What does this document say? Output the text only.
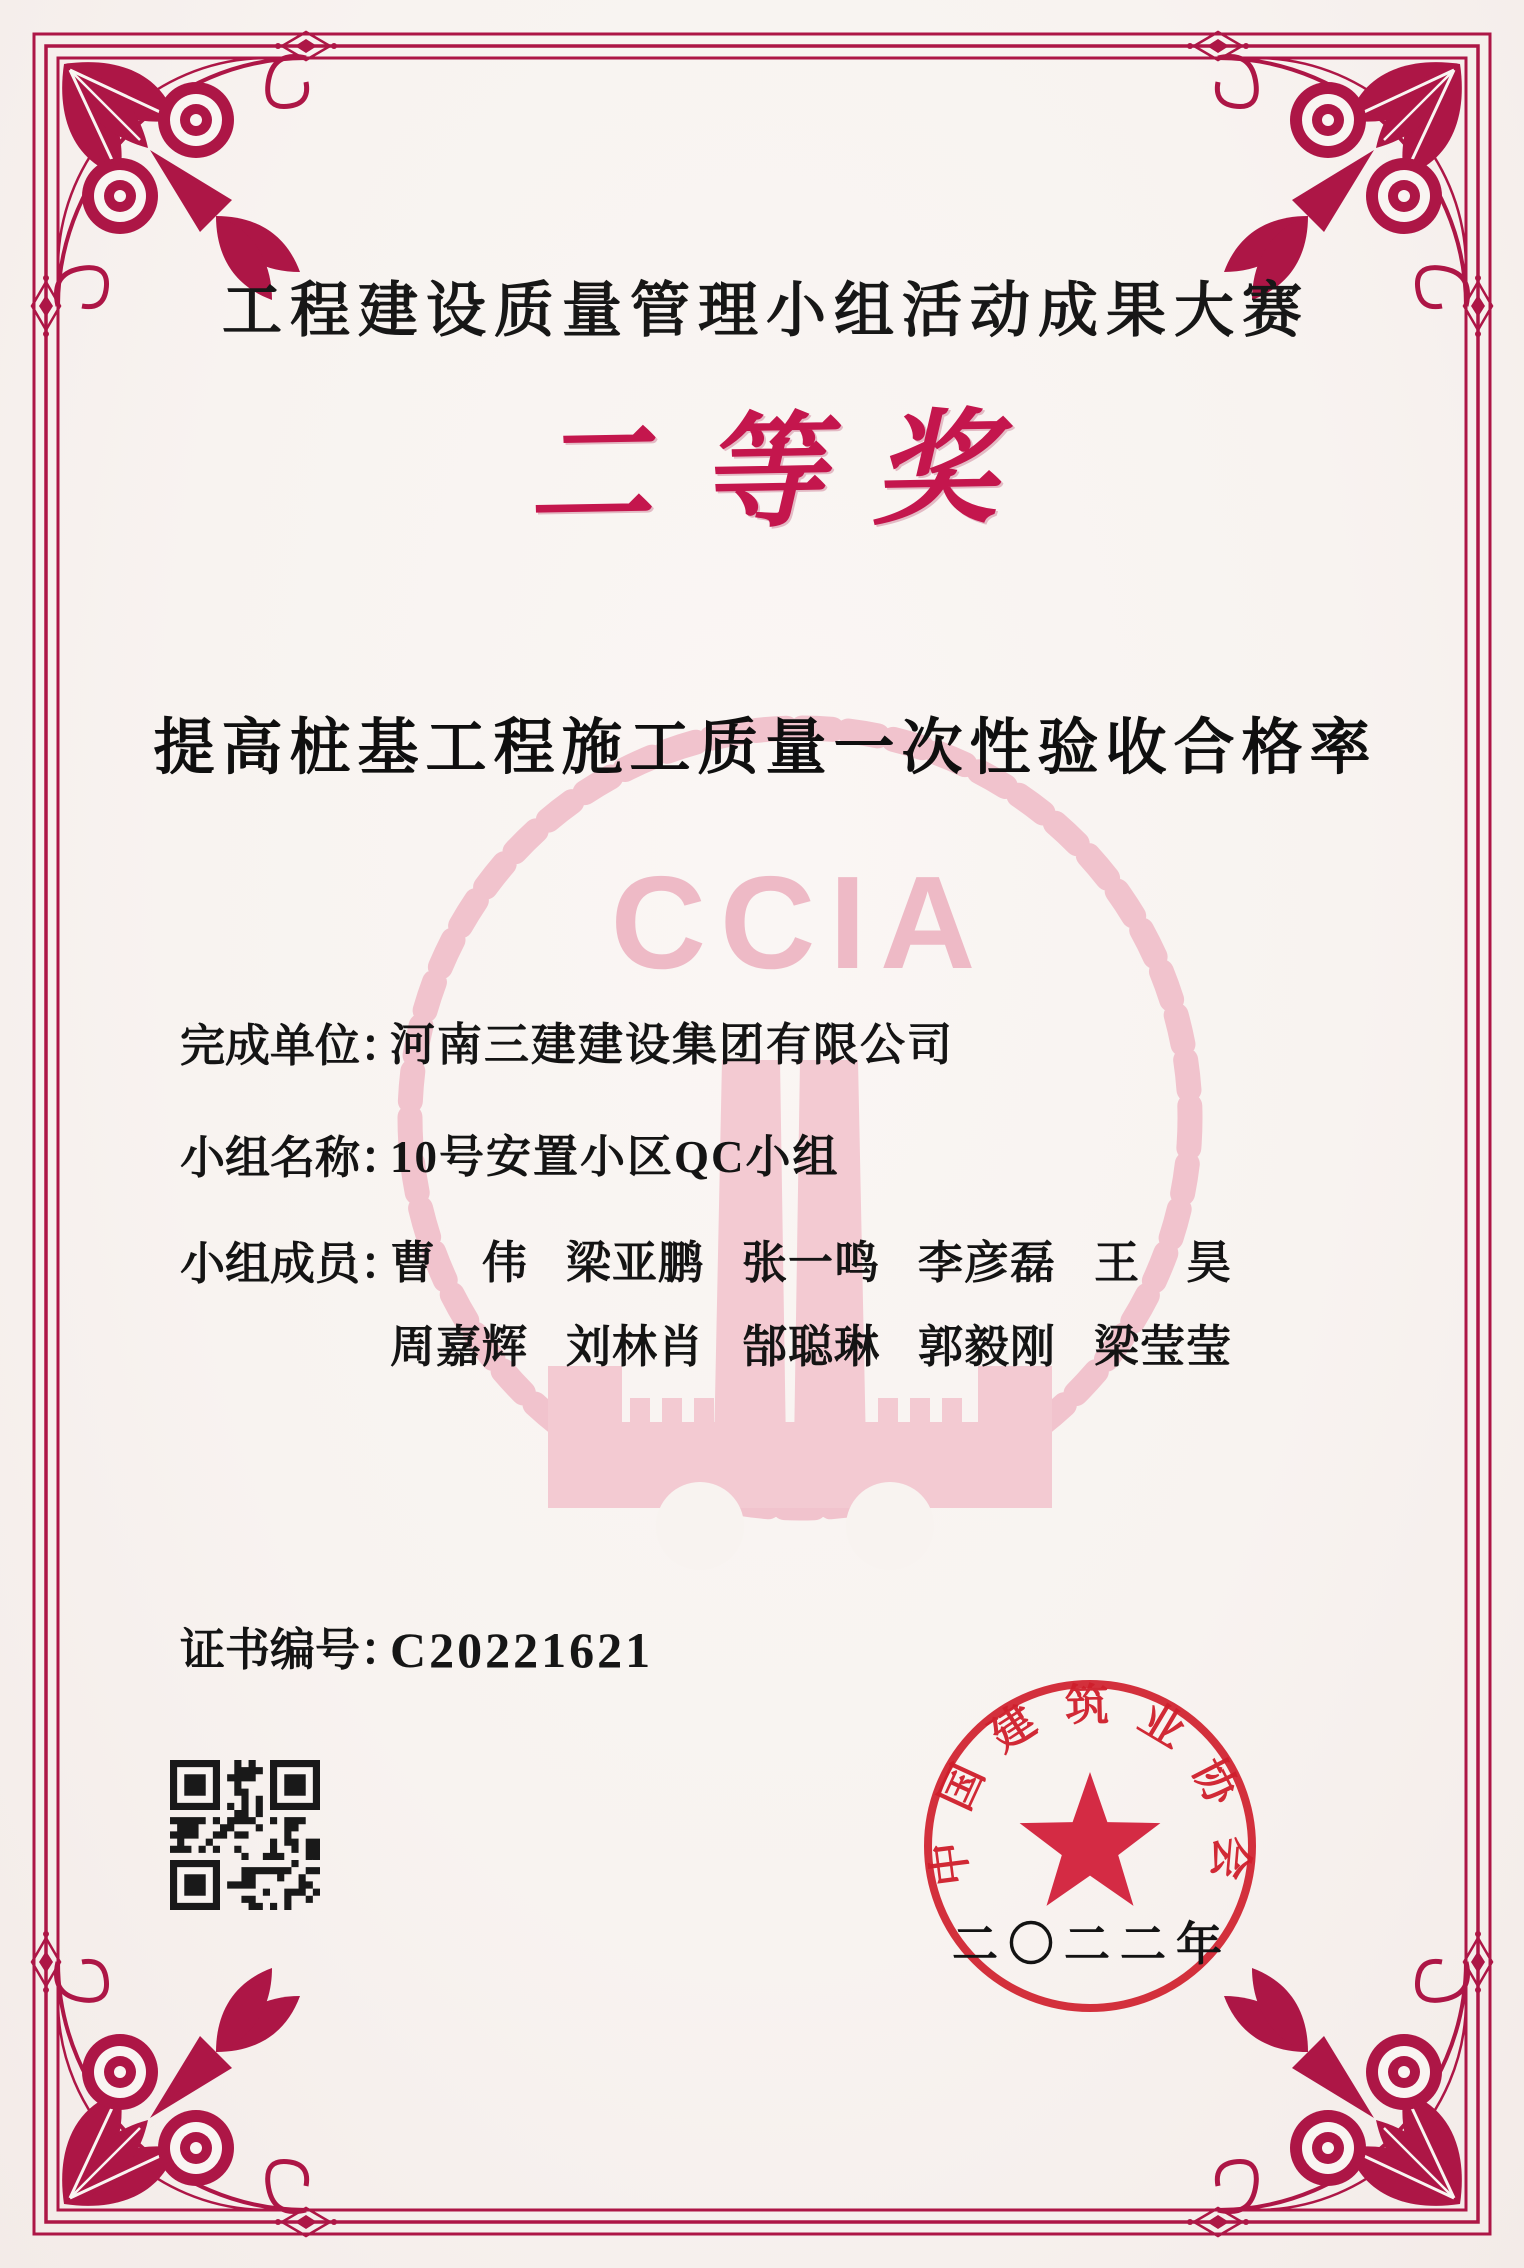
CCIA
工程建设质量管理小组活动成果大赛
二等奖
提高桩基工程施工质量一次性验收合格率
完成单位：
河南三建建设集团有限公司
小组名称：
10号安置小区QC小组
小组成员：
曹　伟 梁亚鹏 张一鸣 李彦磊 王　昊
周嘉辉 刘林肖 郜聪琳 郭毅刚 梁莹莹
证书编号：
C20221621
中国建筑业协会
二〇二二年
